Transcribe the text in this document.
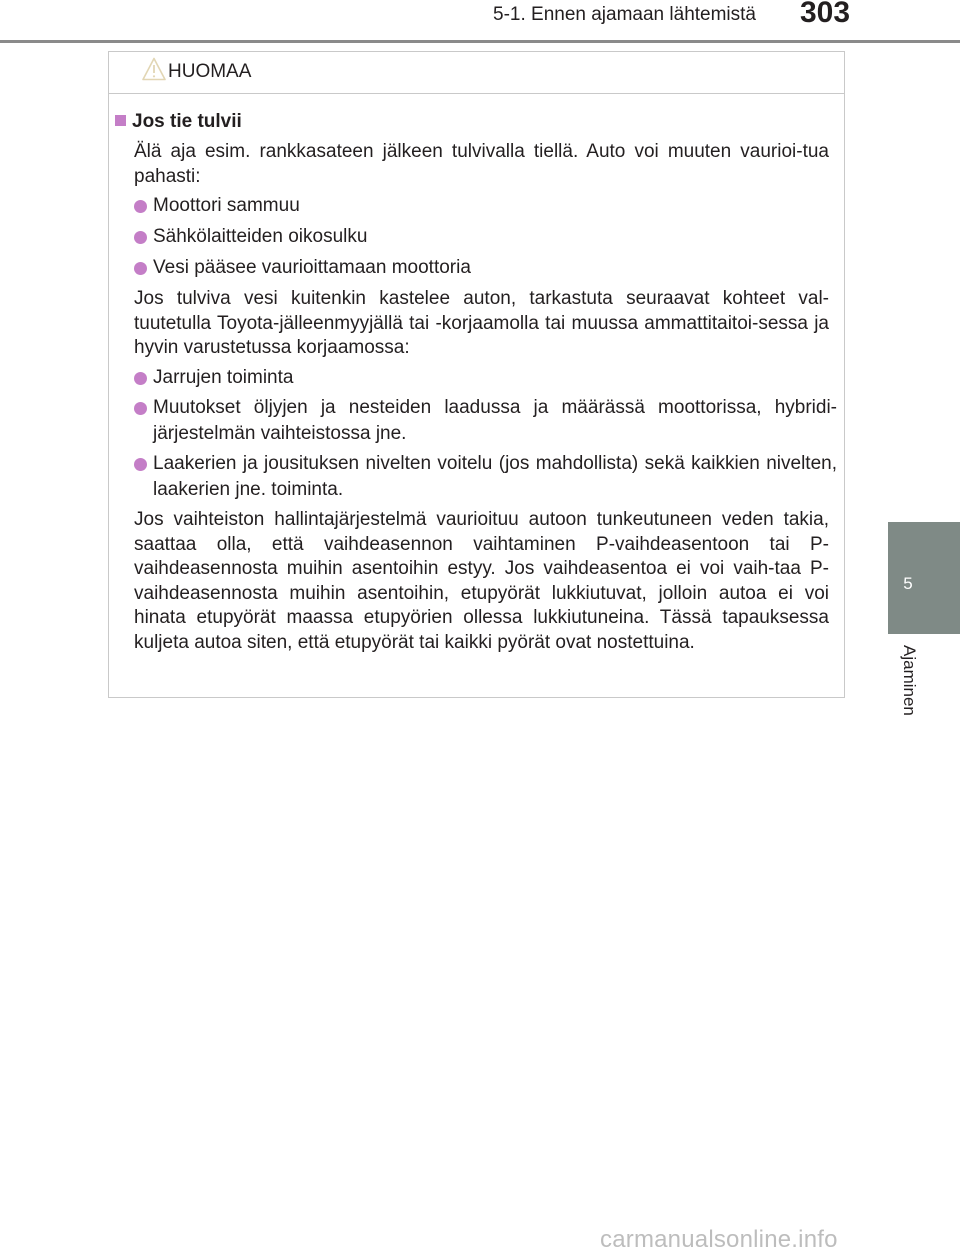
5-1. Ennen ajamaan lähtemistä 303
5
Ajaminen
HUOMAA
Jos tie tulvii
Älä aja esim. rankkasateen jälkeen tulvivalla tiellä. Auto voi muuten vaurioi-tua pahasti:
Moottori sammuu
Sähkölaitteiden oikosulku
Vesi pääsee vaurioittamaan moottoria
Jos tulviva vesi kuitenkin kastelee auton, tarkastuta seuraavat kohteet val-tuutetulla Toyota-jälleenmyyjällä tai -korjaamolla tai muussa ammattitaitoi-sessa ja hyvin varustetussa korjaamossa:
Jarrujen toiminta
Muutokset öljyjen ja nesteiden laadussa ja määrässä moottorissa, hybridi-järjestelmän vaihteistossa jne.
Laakerien ja jousituksen nivelten voitelu (jos mahdollista) sekä kaikkien nivelten, laakerien jne. toiminta.
Jos vaihteiston hallintajärjestelmä vaurioituu autoon tunkeutuneen veden takia, saattaa olla, että vaihdeasennon vaihtaminen P-vaihdeasentoon tai P-vaihdeasennosta muihin asentoihin estyy. Jos vaihdeasentoa ei voi vaih-taa P-vaihdeasennosta muihin asentoihin, etupyörät lukkiutuvat, jolloin autoa ei voi hinata etupyörät maassa etupyörien ollessa lukkiutuneina. Tässä tapauksessa kuljeta autoa siten, että etupyörät tai kaikki pyörät ovat nostettuina.
carmanualsonline.info
